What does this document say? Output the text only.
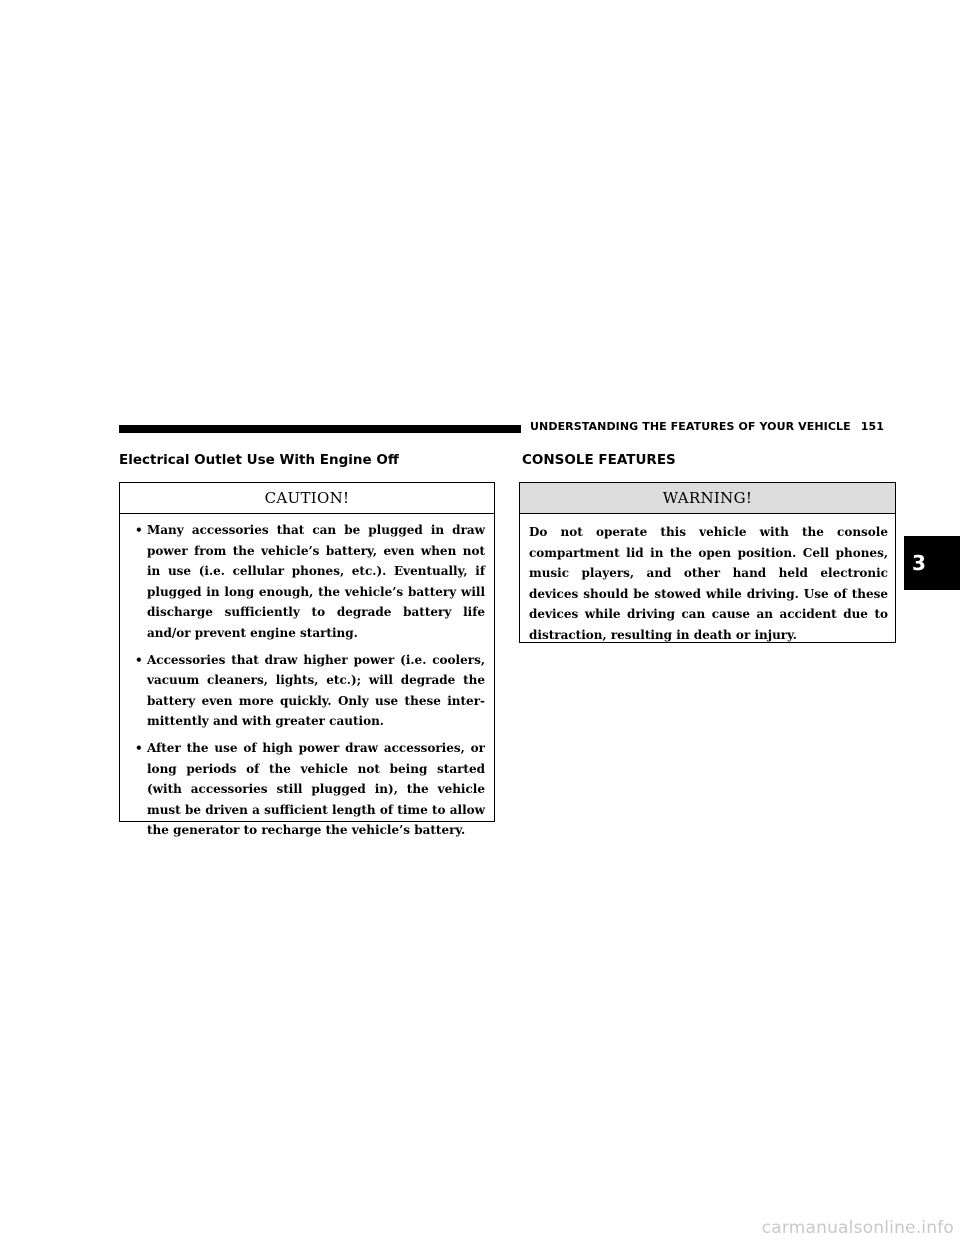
UNDERSTANDING THE FEATURES OF YOUR VEHICLE 151
Electrical Outlet Use With Engine Off	CONSOLE FEATURES
CAUTION!
• Many accessories that can be plugged in draw power from the vehicle’s battery, even when not in use (i.e. cellular phones, etc.). Eventually, if plugged in long enough, the vehicle’s battery will discharge sufficiently to degrade battery life and/or prevent engine starting.
• Accessories that draw higher power (i.e. coolers, vacuum cleaners, lights, etc.); will degrade the battery even more quickly. Only use these intermittently and with greater caution.
• After the use of high power draw accessories, or long periods of the vehicle not being started (with accessories still plugged in), the vehicle must be driven a sufficient length of time to allow the generator to recharge the vehicle’s battery.
WARNING!
Do not operate this vehicle with the console compartment lid in the open position. Cell phones, music players, and other hand held electronic devices should be stowed while driving. Use of these devices while driving can cause an accident due to distraction, resulting in death or injury.
3
carmanualsonline.info
